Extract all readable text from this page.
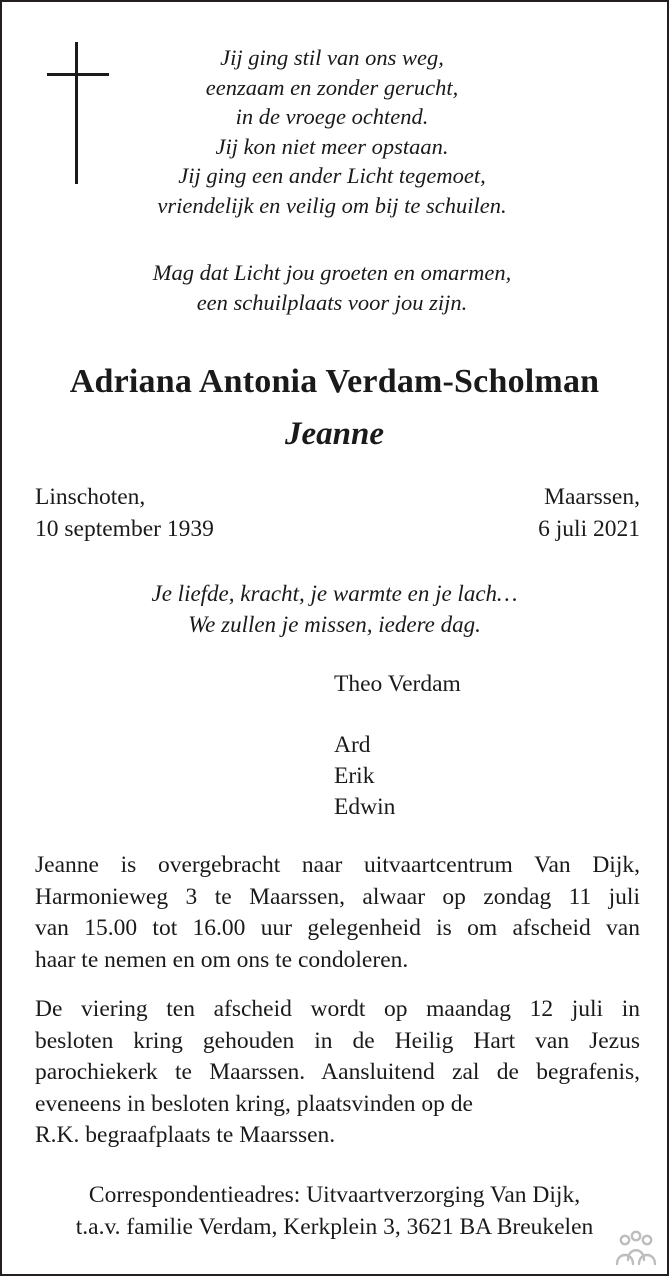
Jij ging stil van ons weg,
eenzaam en zonder gerucht,
in de vroege ochtend.
Jij kon niet meer opstaan.
Jij ging een ander Licht tegemoet,
vriendelijk en veilig om bij te schuilen.
Mag dat Licht jou groeten en omarmen,
een schuilplaats voor jou zijn.
Adriana Antonia Verdam-Scholman
Jeanne
Linschoten,
10 september 1939
Maarssen,
6 juli 2021
Je liefde, kracht, je warmte en je lach…
We zullen je missen, iedere dag.
Theo Verdam
Ard
Erik
Edwin
Jeanne is overgebracht naar uitvaartcentrum Van Dijk,
Harmonieweg 3 te Maarssen, alwaar op zondag 11 juli
van 15.00 tot 16.00 uur gelegenheid is om afscheid van
haar te nemen en om ons te condoleren.
De viering ten afscheid wordt op maandag 12 juli in
besloten kring gehouden in de Heilig Hart van Jezus
parochiekerk te Maarssen. Aansluitend zal de begrafenis,
eveneens in besloten kring, plaatsvinden op de
R.K. begraafplaats te Maarssen.
Correspondentieadres: Uitvaartverzorging Van Dijk,
t.a.v. familie Verdam, Kerkplein 3, 3621 BA Breukelen
